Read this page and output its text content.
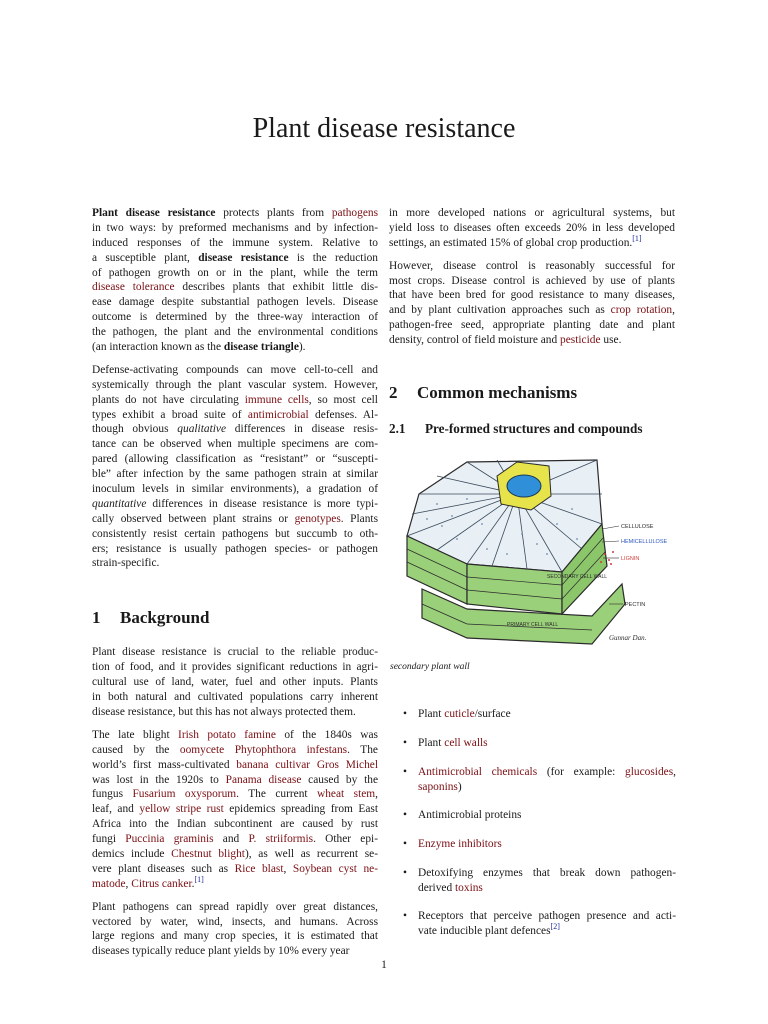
Plant disease resistance
Plant disease resistance protects plants from pathogens
in two ways: by preformed mechanisms and by infection-
induced responses of the immune system. Relative to
a susceptible plant, disease resistance is the reduction
of pathogen growth on or in the plant, while the term
disease tolerance describes plants that exhibit little dis-
ease damage despite substantial pathogen levels. Disease
outcome is determined by the three-way interaction of
the pathogen, the plant and the environmental conditions
(an interaction known as the disease triangle).
Defense-activating compounds can move cell-to-cell and
systemically through the plant vascular system. However,
plants do not have circulating immune cells, so most cell
types exhibit a broad suite of antimicrobial defenses. Al-
though obvious qualitative differences in disease resis-
tance can be observed when multiple specimens are com-
pared (allowing classification as “resistant” or “suscepti-
ble” after infection by the same pathogen strain at similar
inoculum levels in similar environments), a gradation of
quantitative differences in disease resistance is more typi-
cally observed between plant strains or genotypes. Plants
consistently resist certain pathogens but succumb to oth-
ers; resistance is usually pathogen species- or pathogen
strain-specific.
1 Background
Plant disease resistance is crucial to the reliable produc-
tion of food, and it provides significant reductions in agri-
cultural use of land, water, fuel and other inputs. Plants
in both natural and cultivated populations carry inherent
disease resistance, but this has not always protected them.
The late blight Irish potato famine of the 1840s was
caused by the oomycete Phytophthora infestans. The
world’s first mass-cultivated banana cultivar Gros Michel
was lost in the 1920s to Panama disease caused by the
fungus Fusarium oxysporum. The current wheat stem,
leaf, and yellow stripe rust epidemics spreading from East
Africa into the Indian subcontinent are caused by rust
fungi Puccinia graminis and P. striiformis. Other epi-
demics include Chestnut blight), as well as recurrent se-
vere plant diseases such as Rice blast, Soybean cyst ne-
matode, Citrus canker.[1]
Plant pathogens can spread rapidly over great distances,
vectored by water, wind, insects, and humans. Across
large regions and many crop species, it is estimated that
diseases typically reduce plant yields by 10% every year
in more developed nations or agricultural systems, but
yield loss to diseases often exceeds 20% in less developed
settings, an estimated 15% of global crop production.[1]
However, disease control is reasonably successful for
most crops. Disease control is achieved by use of plants
that have been bred for good resistance to many diseases,
and by plant cultivation approaches such as crop rotation,
pathogen-free seed, appropriate planting date and plant
density, control of field moisture and pesticide use.
2 Common mechanisms
2.1 Pre-formed structures and compounds
CELLULOSE
HEMICELLULOSE
LIGNIN
PECTIN
SECONDARY CELL WALL
PRIMARY CELL WALL
Gunnar Dan.
secondary plant wall
• Plant cuticle/surface
• Plant cell walls
• Antimicrobial chemicals (for example: glucosides,
saponins)
• Antimicrobial proteins
• Enzyme inhibitors
• Detoxifying enzymes that break down pathogen-
derived toxins
• Receptors that perceive pathogen presence and acti-
vate inducible plant defences[2]
1
